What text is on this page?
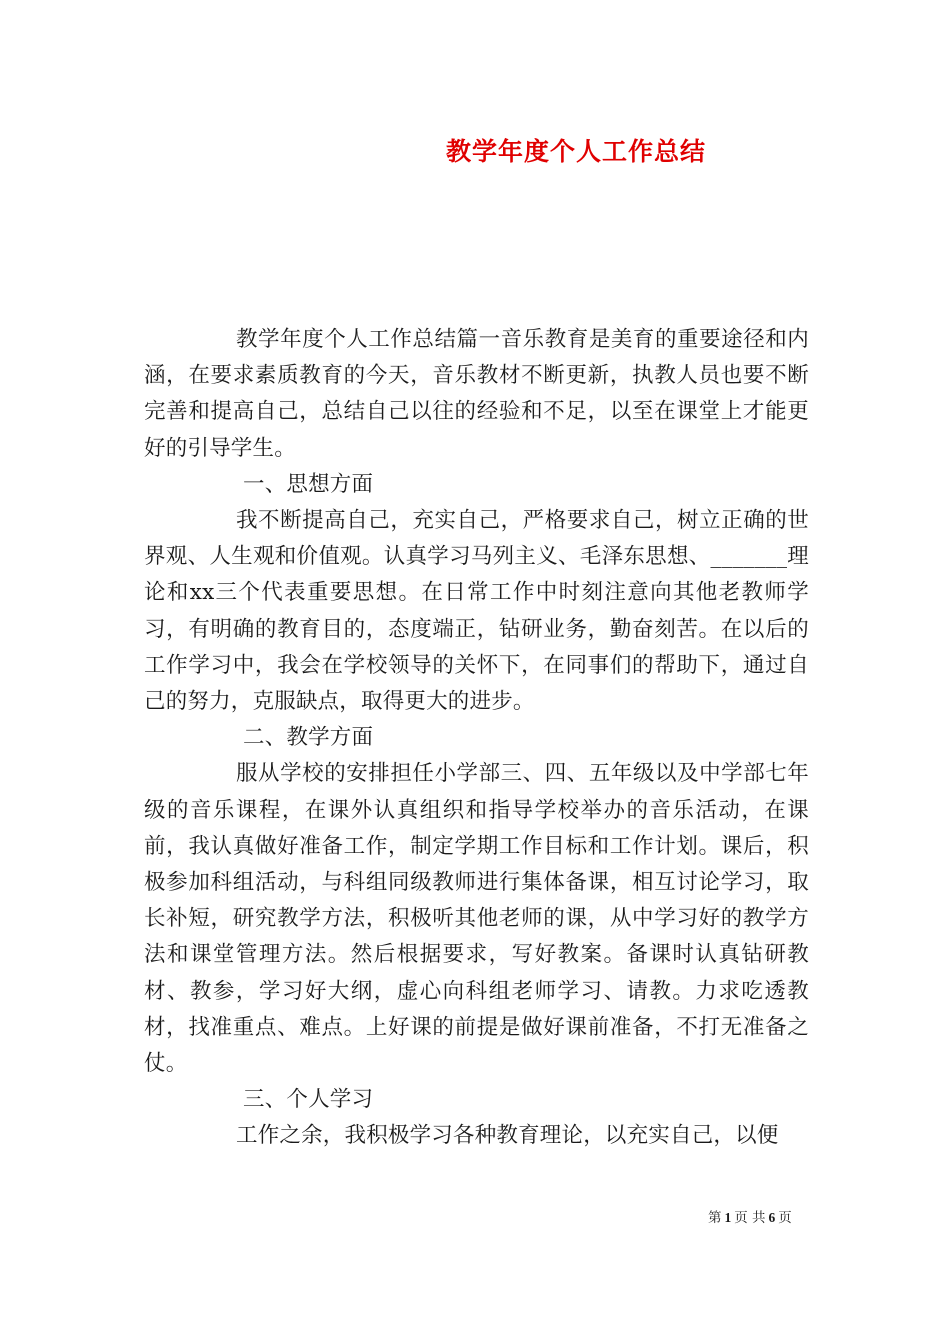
教学年度个人工作总结

教学年度个人工作总结篇一音乐教育是美育的重要途径和内涵，在要求素质教育的今天，音乐教材不断更新，执教人员也要不断完善和提高自己，总结自己以往的经验和不足，以至在课堂上才能更好的引导学生。

一、思想方面

我不断提高自己，充实自己，严格要求自己，树立正确的世界观、人生观和价值观。认真学习马列主义、毛泽东思想、_______理论和xx三个代表重要思想。在日常工作中时刻注意向其他老教师学习，有明确的教育目的，态度端正，钻研业务，勤奋刻苦。在以后的工作学习中，我会在学校领导的关怀下，在同事们的帮助下，通过自己的努力，克服缺点，取得更大的进步。

二、教学方面

服从学校的安排担任小学部三、四、五年级以及中学部七年级的音乐课程，在课外认真组织和指导学校举办的音乐活动，在课前，我认真做好准备工作，制定学期工作目标和工作计划。课后，积极参加科组活动，与科组同级教师进行集体备课，相互讨论学习，取长补短，研究教学方法，积极听其他老师的课，从中学习好的教学方法和课堂管理方法。然后根据要求，写好教案。备课时认真钻研教材、教参，学习好大纲，虚心向科组老师学习、请教。力求吃透教材，找准重点、难点。上好课的前提是做好课前准备，不打无准备之仗。

三、个人学习

工作之余，我积极学习各种教育理论，以充实自己，以便

第 1 页 共 6 页
